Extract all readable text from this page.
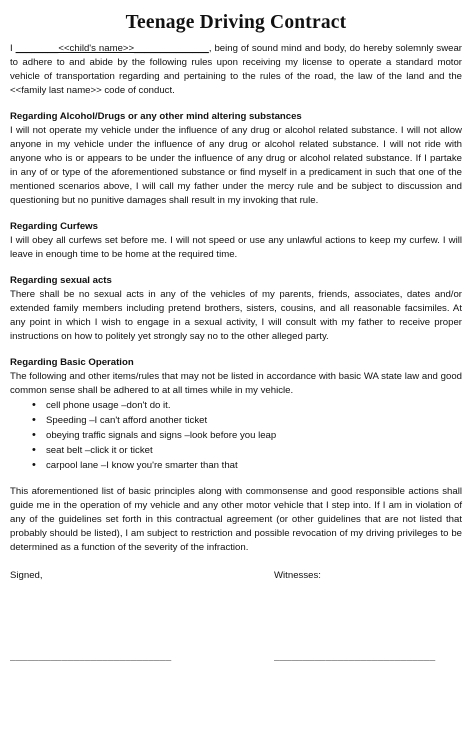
Teenage Driving Contract

I ________<<child's name>>______________, being of sound mind and body, do hereby solemnly swear to adhere to and abide by the following rules upon receiving my license to operate a standard motor vehicle of transportation regarding and pertaining to the rules of the road, the law of the land and the <<family last name>> code of conduct.

Regarding Alcohol/Drugs or any other mind altering substances

I will not operate my vehicle under the influence of any drug or alcohol related substance. I will not allow anyone in my vehicle under the influence of any drug or alcohol related substance. I will not ride with anyone who is or appears to be under the influence of any drug or alcohol related substance. If I partake in any of or type of the aforementioned substance or find myself in a predicament in such that one of the mentioned scenarios above, I will call my father under the mercy rule and be subject to discussion and questioning but no punitive damages shall result in my invoking that rule.

Regarding Curfews

I will obey all curfews set before me. I will not speed or use any unlawful actions to keep my curfew. I will leave in enough time to be home at the required time.

Regarding sexual acts

There shall be no sexual acts in any of the vehicles of my parents, friends, associates, dates and/or extended family members including pretend brothers, sisters, cousins, and all reasonable facsimiles. At any point in which I wish to engage in a sexual activity, I will consult with my father to receive proper instructions on how to politely yet strongly say no to the other alleged party.

Regarding Basic Operation

The following and other items/rules that may not be listed in accordance with basic WA state law and good common sense shall be adhered to at all times while in my vehicle.

• cell phone usage –don't do it.
• Speeding –I can't afford another ticket
• obeying traffic signals and signs –look before you leap
• seat belt –click it or ticket
• carpool lane –I know you're smarter than that

This aforementioned list of basic principles along with commonsense and good responsible actions shall guide me in the operation of my vehicle and any other motor vehicle that I step into. If I am in violation of any of the guidelines set forth in this contractual agreement (or other guidelines that are not listed that probably should be listed), I am subject to restriction and possible revocation of my driving privileges to be determined as a function of the severity of the infraction.

Signed,	Witnesses:
____________________________	____________________________
